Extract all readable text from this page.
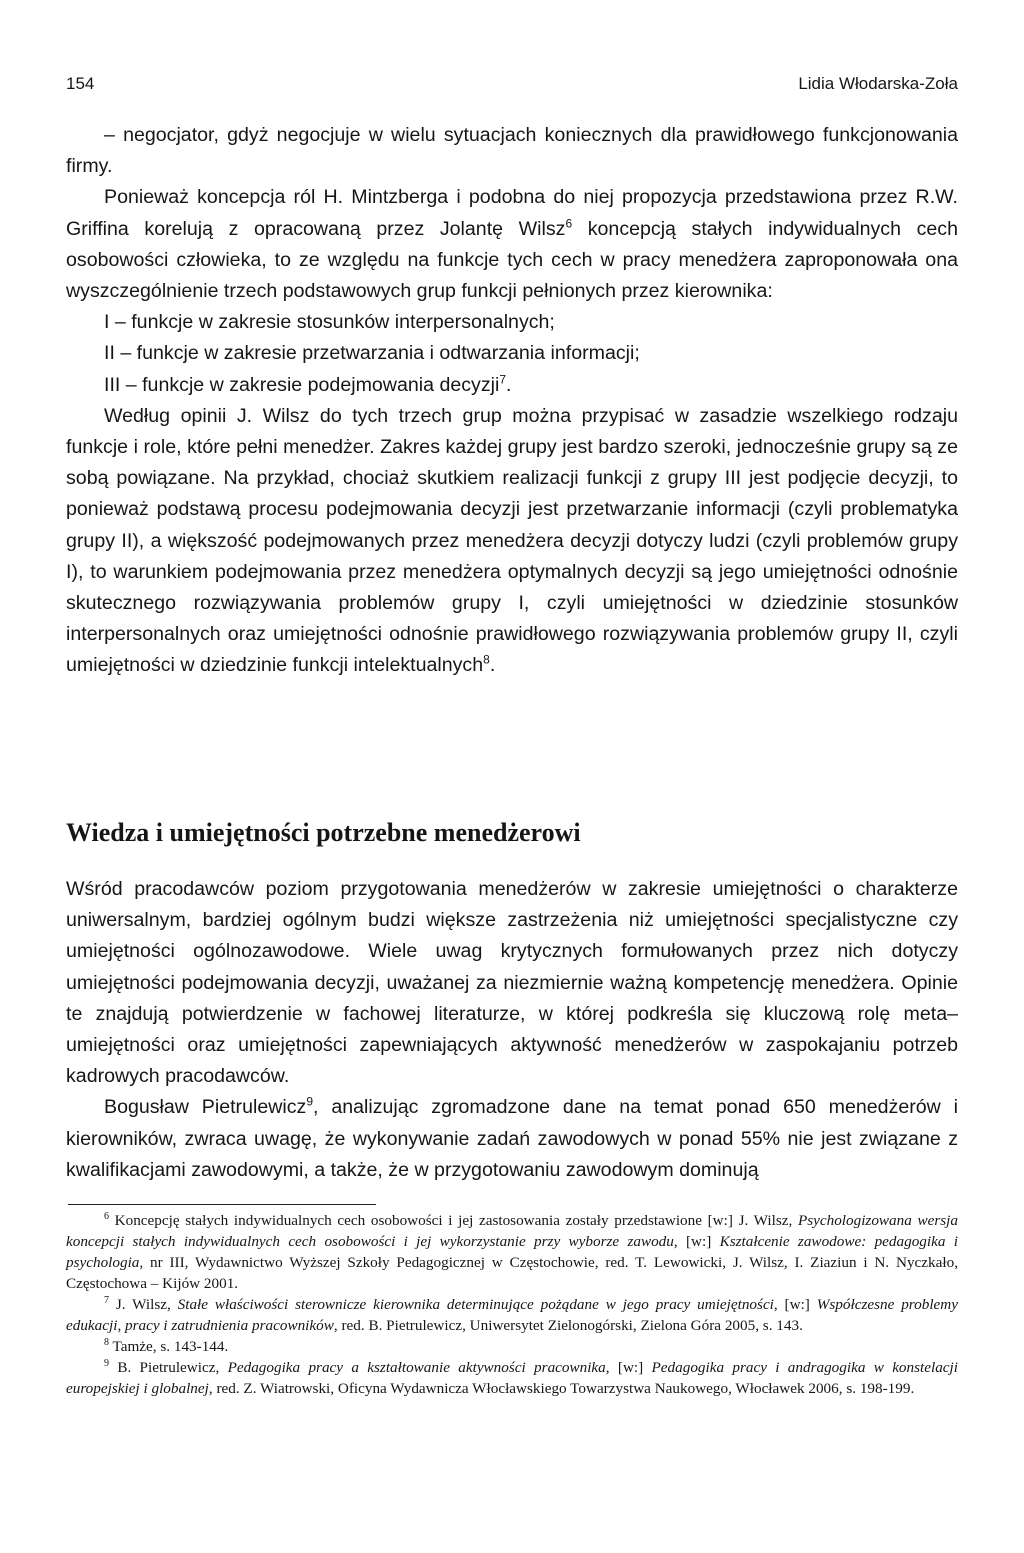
154	Lidia Włodarska-Zoła

– negocjator, gdyż negocjuje w wielu sytuacjach koniecznych dla prawidłowego funkcjonowania firmy.

Ponieważ koncepcja ról H. Mintzberga i podobna do niej propozycja przedstawiona przez R.W. Griffina korelują z opracowaną przez Jolantę Wilsz$^6$ koncepcją stałych indywidualnych cech osobowości człowieka, to ze względu na funkcje tych cech w pracy menedżera zaproponowała ona wyszczególnienie trzech podstawowych grup funkcji pełnionych przez kierownika:

I – funkcje w zakresie stosunków interpersonalnych;

II – funkcje w zakresie przetwarzania i odtwarzania informacji;

III – funkcje w zakresie podejmowania decyzji$^7$.

Według opinii J. Wilsz do tych trzech grup można przypisać w zasadzie wszelkiego rodzaju funkcje i role, które pełni menedżer. Zakres każdej grupy jest bardzo szeroki, jednocześnie grupy są ze sobą powiązane. Na przykład, chociaż skutkiem realizacji funkcji z grupy III jest podjęcie decyzji, to ponieważ podstawą procesu podejmowania decyzji jest przetwarzanie informacji (czyli problematyka grupy II), a większość podejmowanych przez menedżera decyzji dotyczy ludzi (czyli problemów grupy I), to warunkiem podejmowania przez menedżera optymalnych decyzji są jego umiejętności odnośnie skutecznego rozwiązywania problemów grupy I, czyli umiejętności w dziedzinie stosunków interpersonalnych oraz umiejętności odnośnie prawidłowego rozwiązywania problemów grupy II, czyli umiejętności w dziedzinie funkcji intelektualnych$^8$.

Wiedza i umiejętności potrzebne menedżerowi

Wśród pracodawców poziom przygotowania menedżerów w zakresie umiejętności o charakterze uniwersalnym, bardziej ogólnym budzi większe zastrzeżenia niż umiejętności specjalistyczne czy umiejętności ogólnozawodowe. Wiele uwag krytycznych formułowanych przez nich dotyczy umiejętności podejmowania decyzji, uważanej za niezmiernie ważną kompetencję menedżera. Opinie te znajdują potwierdzenie w fachowej literaturze, w której podkreśla się kluczową rolę meta–umiejętności oraz umiejętności zapewniających aktywność menedżerów w zaspokajaniu potrzeb kadrowych pracodawców.

Bogusław Pietrulewicz$^9$, analizując zgromadzone dane na temat ponad 650 menedżerów i kierowników, zwraca uwagę, że wykonywanie zadań zawodowych w ponad 55% nie jest związane z kwalifikacjami zawodowymi, a także, że w przygotowaniu zawodowym dominują

$^6$ Koncepcję stałych indywidualnych cech osobowości i jej zastosowania zostały przedstawione [w:] J. Wilsz, Psychologizowana wersja koncepcji stałych indywidualnych cech osobowości i jej wykorzystanie przy wyborze zawodu, [w:] Kształcenie zawodowe: pedagogika i psychologia, nr III, Wydawnictwo Wyższej Szkoły Pedagogicznej w Częstochowie, red. T. Lewowicki, J. Wilsz, I. Ziaziun i N. Nyczkało, Częstochowa – Kijów 2001.

$^7$ J. Wilsz, Stałe właściwości sterownicze kierownika determinujące pożądane w jego pracy umiejętności, [w:] Współczesne problemy edukacji, pracy i zatrudnienia pracowników, red. B. Pietrulewicz, Uniwersytet Zielonogórski, Zielona Góra 2005, s. 143.

$^8$ Tamże, s. 143-144.

$^9$ B. Pietrulewicz, Pedagogika pracy a kształtowanie aktywności pracownika, [w:] Pedagogika pracy i andragogika w konstelacji europejskiej i globalnej, red. Z. Wiatrowski, Oficyna Wydawnicza Włocławskiego Towarzystwa Naukowego, Włocławek 2006, s. 198-199.
